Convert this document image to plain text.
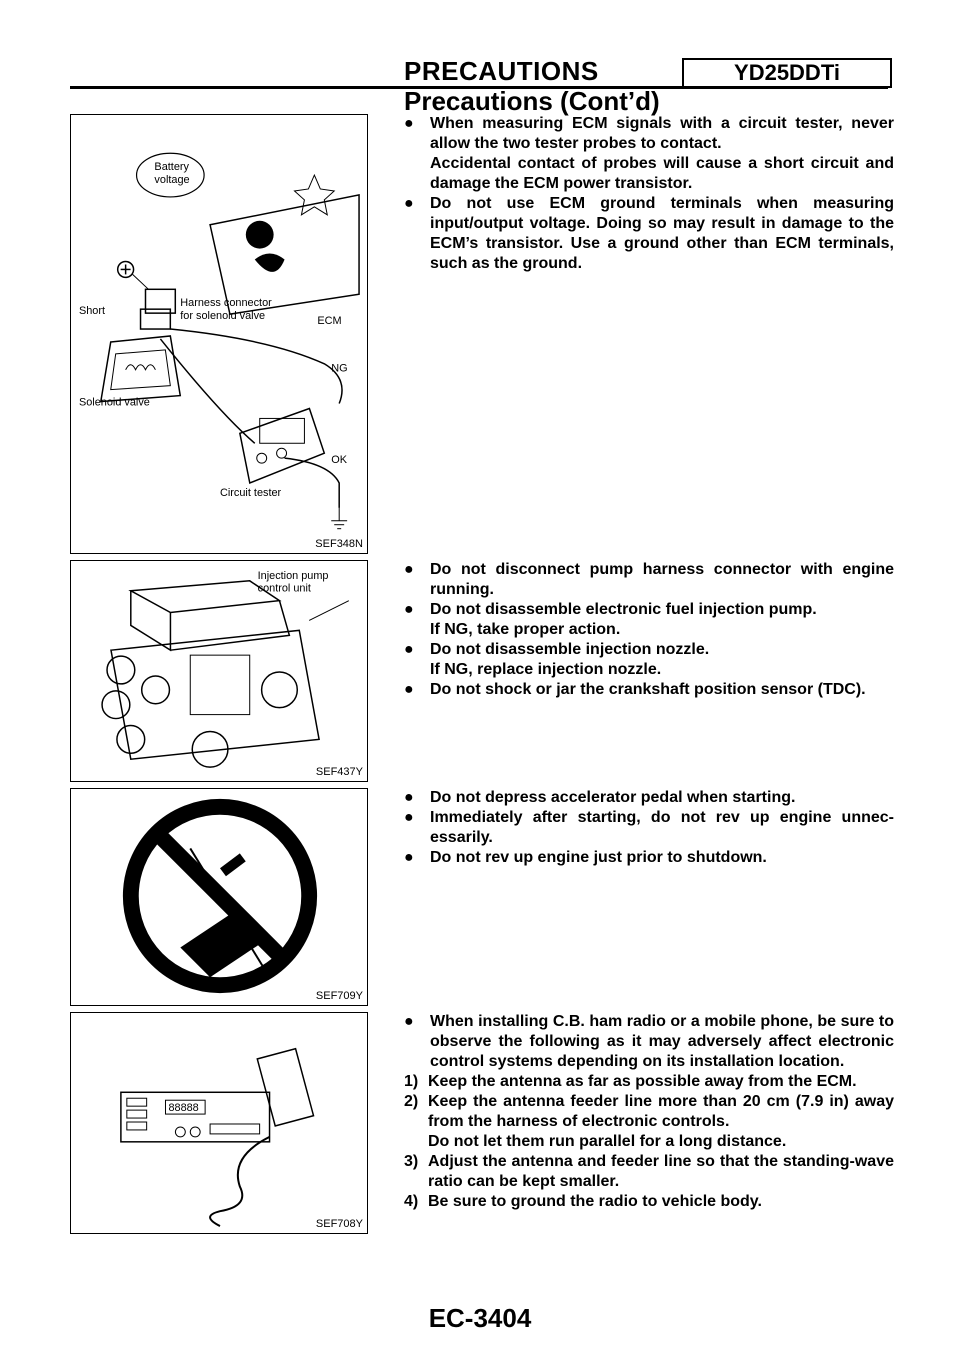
PRECAUTIONS	YD25DDTi
Precautions (Cont’d)
Battery voltage
Short
Harness connector for solenoid valve	ECM
NG
Solenoid valve
OK
Circuit tester
SEF348N
Injection pump control unit
SEF437Y
SEF709Y
88888
SEF708Y
● When measuring ECM signals with a circuit tester, never allow the two tester probes to contact.
Accidental contact of probes will cause a short circuit and damage the ECM power transistor.
● Do not use ECM ground terminals when measuring input/output voltage. Doing so may result in damage to the ECM’s transistor. Use a ground other than ECM terminals, such as the ground.
● Do not disconnect pump harness connector with engine running.
● Do not disassemble electronic fuel injection pump.
If NG, take proper action.
● Do not disassemble injection nozzle.
If NG, replace injection nozzle.
● Do not shock or jar the crankshaft position sensor (TDC).
● Do not depress accelerator pedal when starting.
● Immediately after starting, do not rev up engine unnec-essarily.
● Do not rev up engine just prior to shutdown.
● When installing C.B. ham radio or a mobile phone, be sure to observe the following as it may adversely affect electronic control systems depending on its installation location.
1) Keep the antenna as far as possible away from the ECM.
2) Keep the antenna feeder line more than 20 cm (7.9 in) away from the harness of electronic controls.
Do not let them run parallel for a long distance.
3) Adjust the antenna and feeder line so that the standing-wave ratio can be kept smaller.
4) Be sure to ground the radio to vehicle body.
EC-3404
